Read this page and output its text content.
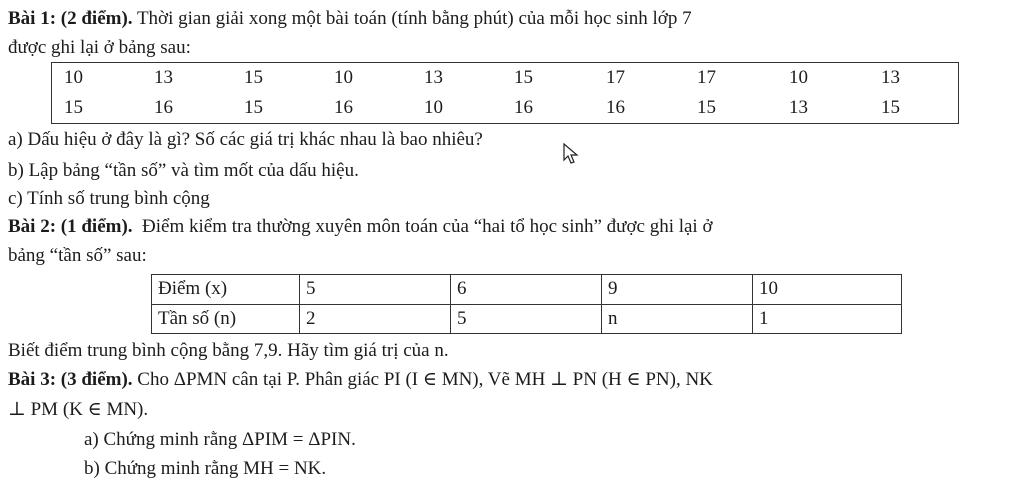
Bài 1: (2 điểm). Thời gian giải xong một bài toán (tính bằng phút) của mỗi học sinh lớp 7
được ghi lại ở bảng sau:
10	13	15	10	13	15	17	17	10	13
15	16	15	16	10	16	16	15	13	15
a) Dấu hiệu ở đây là gì? Số các giá trị khác nhau là bao nhiêu?
b) Lập bảng “tần số” và tìm mốt của dấu hiệu.
c) Tính số trung bình cộng
Bài 2: (1 điểm).  Điểm kiểm tra thường xuyên môn toán của “hai tổ học sinh” được ghi lại ở
bảng “tần số” sau:
Điểm (x)	5	6	9	10
Tần số (n)	2	5	n	1
Biết điểm trung bình cộng bằng 7,9. Hãy tìm giá trị của n.
Bài 3: (3 điểm). Cho ΔPMN cân tại P. Phân giác PI (I ∈ MN), Vẽ MH ⊥ PN (H ∈ PN), NK
⊥ PM (K ∈ MN).
a) Chứng minh rằng ΔPIM = ΔPIN.
b) Chứng minh rằng MH = NK.
